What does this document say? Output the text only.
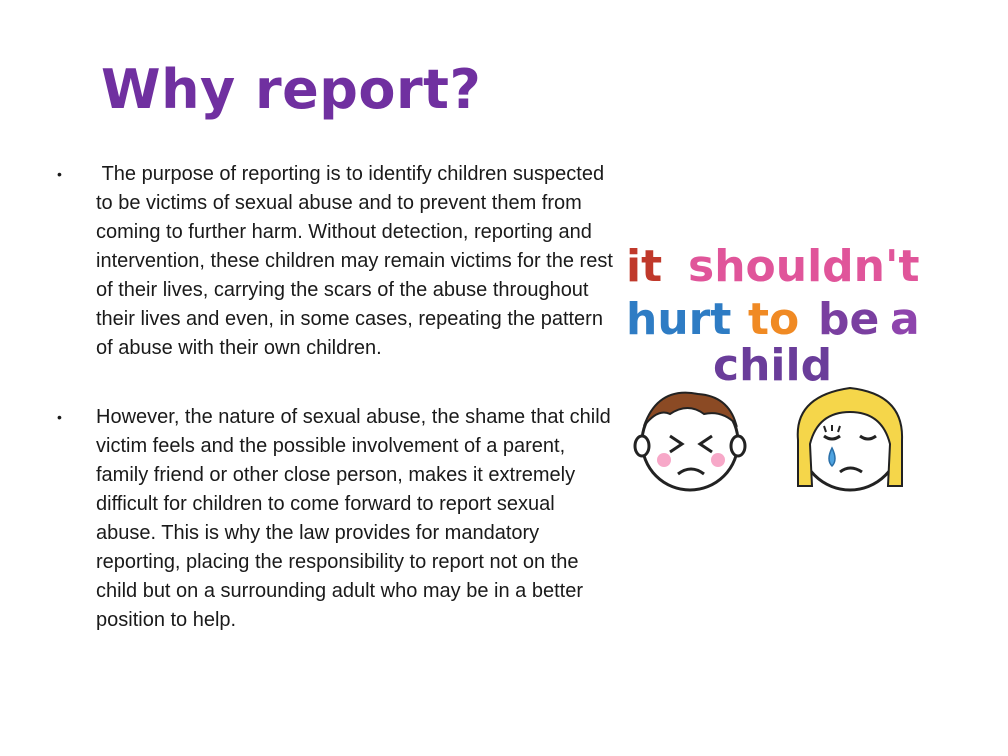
Why report?
• The purpose of reporting is to identify children suspected to be victims of sexual abuse and to prevent them from coming to further harm. Without detection, reporting and intervention, these children may remain victims for the rest of their lives, carrying the scars of the abuse throughout their lives and even, in some cases, repeating the pattern of abuse with their own children.
• However, the nature of sexual abuse, the shame that child victim feels and the possible involvement of a parent, family friend or other close person, makes it extremely difficult for children to come forward to report sexual abuse. This is why the law provides for mandatory reporting, placing the responsibility to report not on the child but on a surrounding adult who may be in a better position to help.
it shouldn't
hurt to be a
child
